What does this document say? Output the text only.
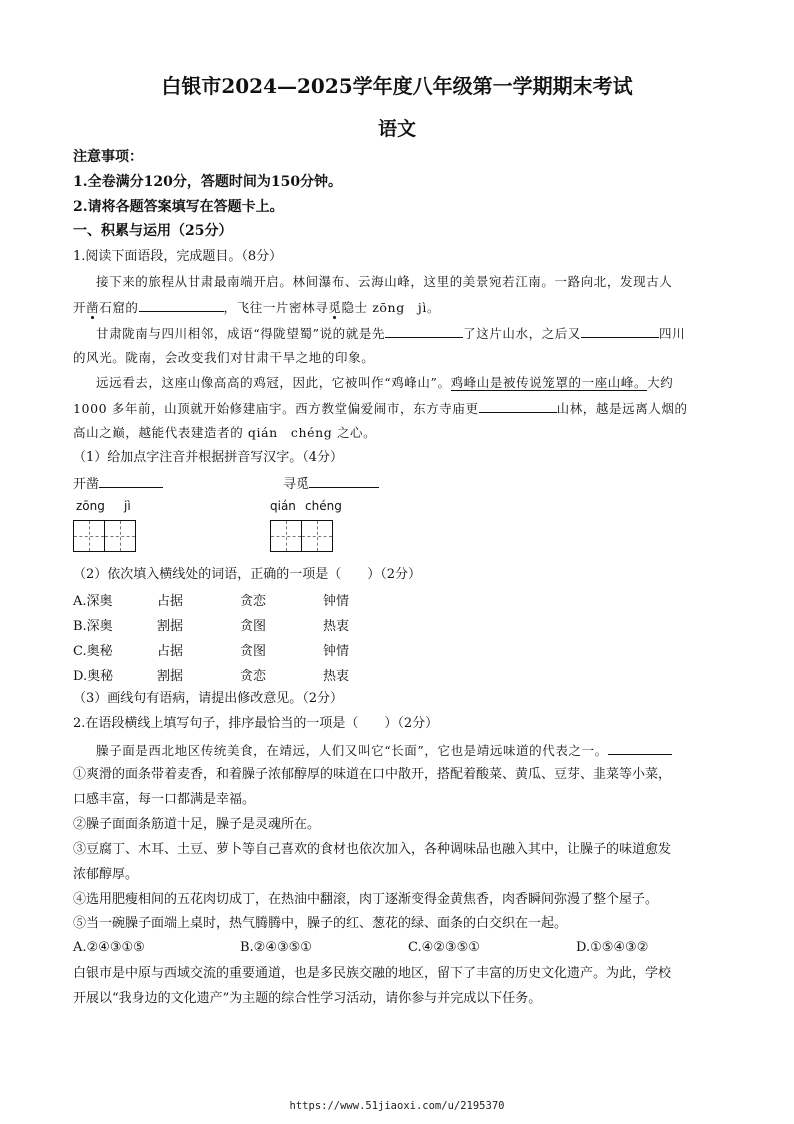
白银市2024—2025学年度八年级第一学期期末考试
语文
注意事项：
1.全卷满分120分，答题时间为150分钟。
2.请将各题答案填写在答题卡上。
一、积累与运用（25分）
1.阅读下面语段，完成题目。（8分）
接下来的旅程从甘肃最南端开启。林间瀑布、云海山峰，这里的美景宛若江南。一路向北，发现古人
开凿石窟的	，飞往一片密林寻觅隐士 zōng　jì。
甘肃陇南与四川相邻，成语“得陇望蜀”说的就是先	了这片山水，之后又	四川
的风光。陇南，会改变我们对甘肃干旱之地的印象。
远远看去，这座山像高高的鸡冠，因此，它被叫作“鸡峰山”。鸡峰山是被传说笼罩的一座山峰。大约
1000 多年前，山顶就开始修建庙宇。西方教堂偏爱闹市，东方寺庙更	山林，越是远离人烟的
高山之巅，越能代表建造者的 qián　chéng 之心。
（1）给加点字注音并根据拼音写汉字。（4分）
开凿	寻觅
zōng jì	qián chéng
（2）依次填入横线处的词语，正确的一项是（　　）（2分）
A.深奥	占据	贪恋	钟情
B.深奥	割据	贪图	热衷
C.奥秘	占据	贪图	钟情
D.奥秘	割据	贪恋	热衷
（3）画线句有语病，请提出修改意见。（2分）
2.在语段横线上填写句子，排序最恰当的一项是（　　）（2分）
臊子面是西北地区传统美食，在靖远，人们又叫它“长面”，它也是靖远味道的代表之一。
①爽滑的面条带着麦香，和着臊子浓郁醇厚的味道在口中散开，搭配着酸菜、黄瓜、豆芽、韭菜等小菜，
口感丰富，每一口都满是幸福。
②臊子面面条筋道十足，臊子是灵魂所在。
③豆腐丁、木耳、土豆、萝卜等自己喜欢的食材也依次加入，各种调味品也融入其中，让臊子的味道愈发
浓郁醇厚。
④选用肥瘦相间的五花肉切成丁，在热油中翻滚，肉丁逐渐变得金黄焦香，肉香瞬间弥漫了整个屋子。
⑤当一碗臊子面端上桌时，热气腾腾中，臊子的红、葱花的绿、面条的白交织在一起。
A.②④③①⑤	B.②④③⑤①	C.④②③⑤①	D.①⑤④③②
白银市是中原与西域交流的重要通道，也是多民族交融的地区，留下了丰富的历史文化遗产。为此，学校
开展以“我身边的文化遗产”为主题的综合性学习活动，请你参与并完成以下任务。
https://www.51jiaoxi.com/u/2195370
